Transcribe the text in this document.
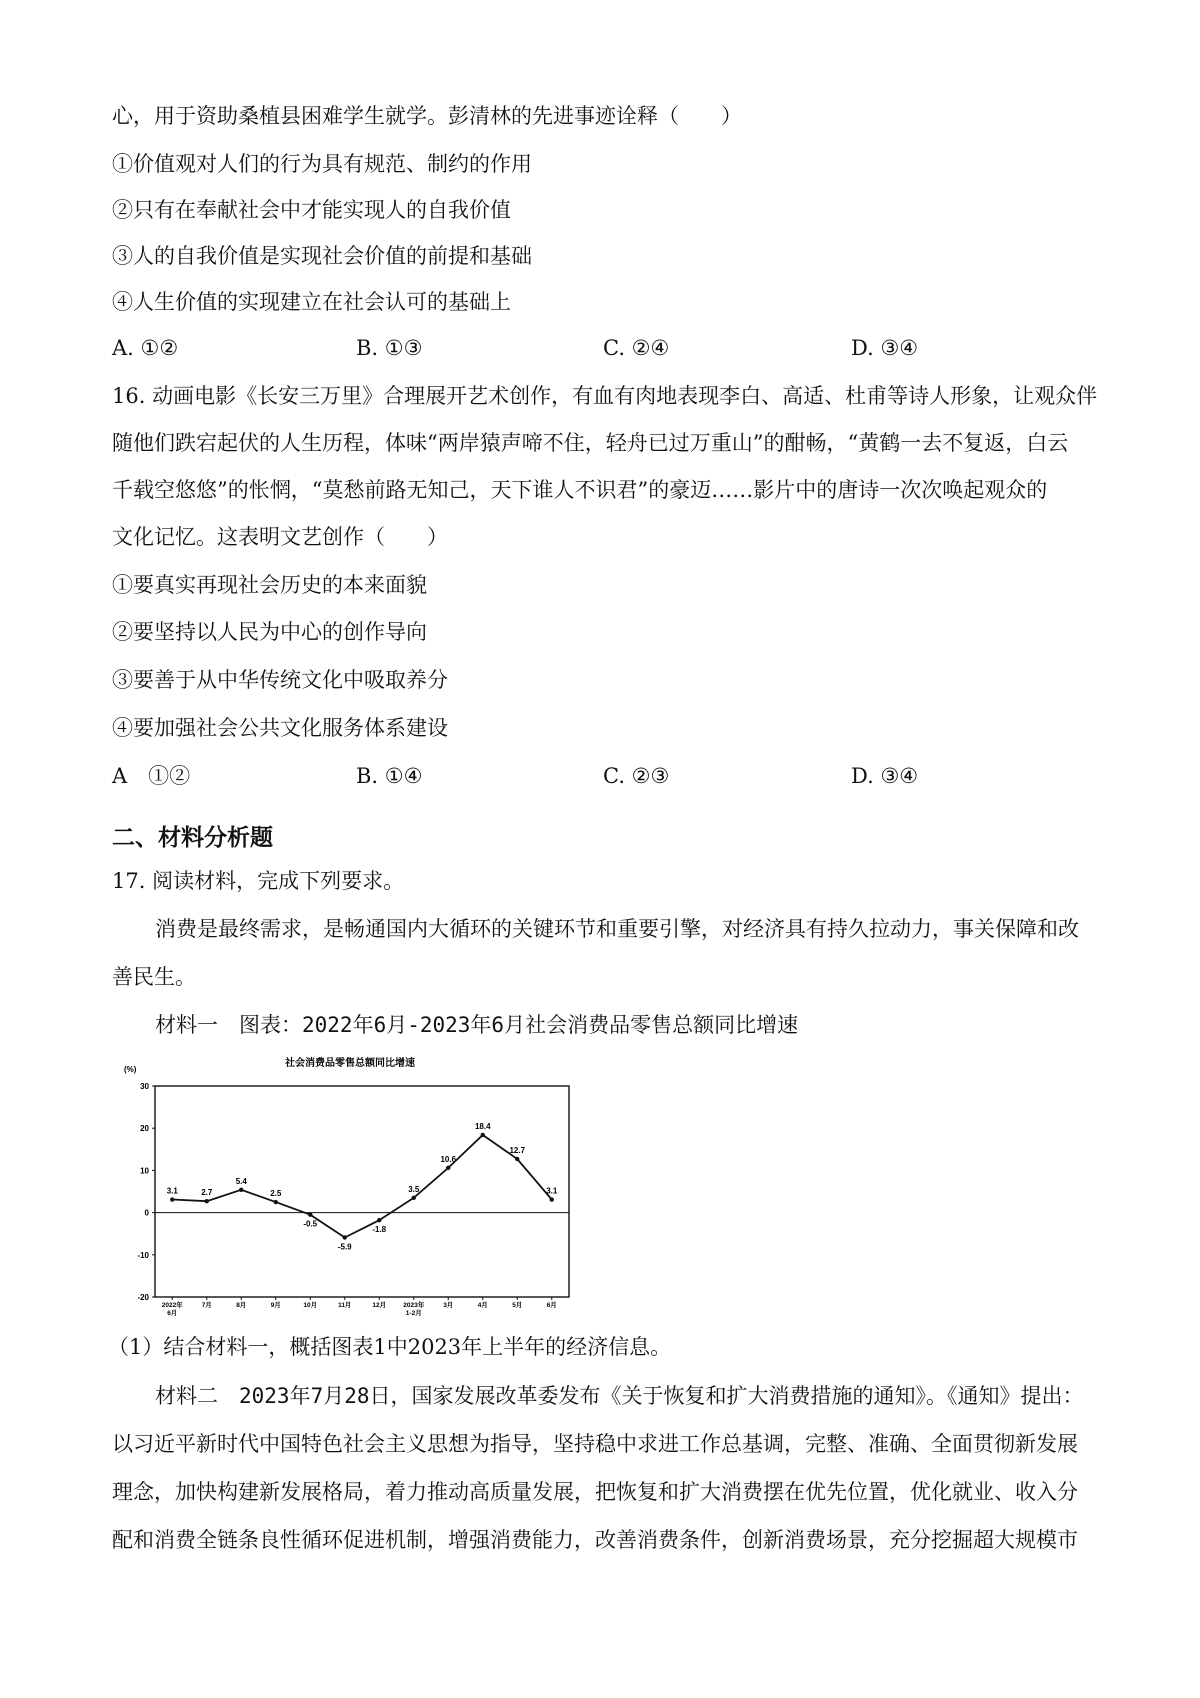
心，用于资助桑植县困难学生就学。彭清林的先进事迹诠释（　　）
①价值观对人们的行为具有规范、制约的作用
②只有在奉献社会中才能实现人的自我价值
③人的自我价值是实现社会价值的前提和基础
④人生价值的实现建立在社会认可的基础上
A. ①②	B. ①③	C. ②④	D. ③④
16. 动画电影《长安三万里》合理展开艺术创作，有血有肉地表现李白、高适、杜甫等诗人形象，让观众伴
随他们跌宕起伏的人生历程，体味“两岸猿声啼不住，轻舟已过万重山”的酣畅，“黄鹤一去不复返，白云
千载空悠悠”的怅惘，“莫愁前路无知己，天下谁人不识君”的豪迈……影片中的唐诗一次次唤起观众的
文化记忆。这表明文艺创作（　　）
①要真实再现社会历史的本来面貌
②要坚持以人民为中心的创作导向
③要善于从中华传统文化中吸取养分
④要加强社会公共文化服务体系建设
A　①②	B. ①④	C. ②③	D. ③④
二、材料分析题
17. 阅读材料，完成下列要求。
消费是最终需求，是畅通国内大循环的关键环节和重要引擎，对经济具有持久拉动力，事关保障和改
善民生。
材料一　图表：2022年6月-2023年6月社会消费品零售总额同比增速
社会消费品零售总额同比增速
(%)
30
20
10
0
-10
-20
2022年 6月
7月	8月	9月	10月	11月	12月	2023年 1-2月
3月	4月	5月	6月
3.1	2.7
5.4
2.5
-0.5
-5.9
-1.8
3.5
10.6
18.4
12.7
3.1
（1）结合材料一，概括图表1中2023年上半年的经济信息。
材料二　2023年7月28日，国家发展改革委发布《关于恢复和扩大消费措施的通知》。《通知》提出：
以习近平新时代中国特色社会主义思想为指导，坚持稳中求进工作总基调，完整、准确、全面贯彻新发展
理念，加快构建新发展格局，着力推动高质量发展，把恢复和扩大消费摆在优先位置，优化就业、收入分
配和消费全链条良性循环促进机制，增强消费能力，改善消费条件，创新消费场景，充分挖掘超大规模市
